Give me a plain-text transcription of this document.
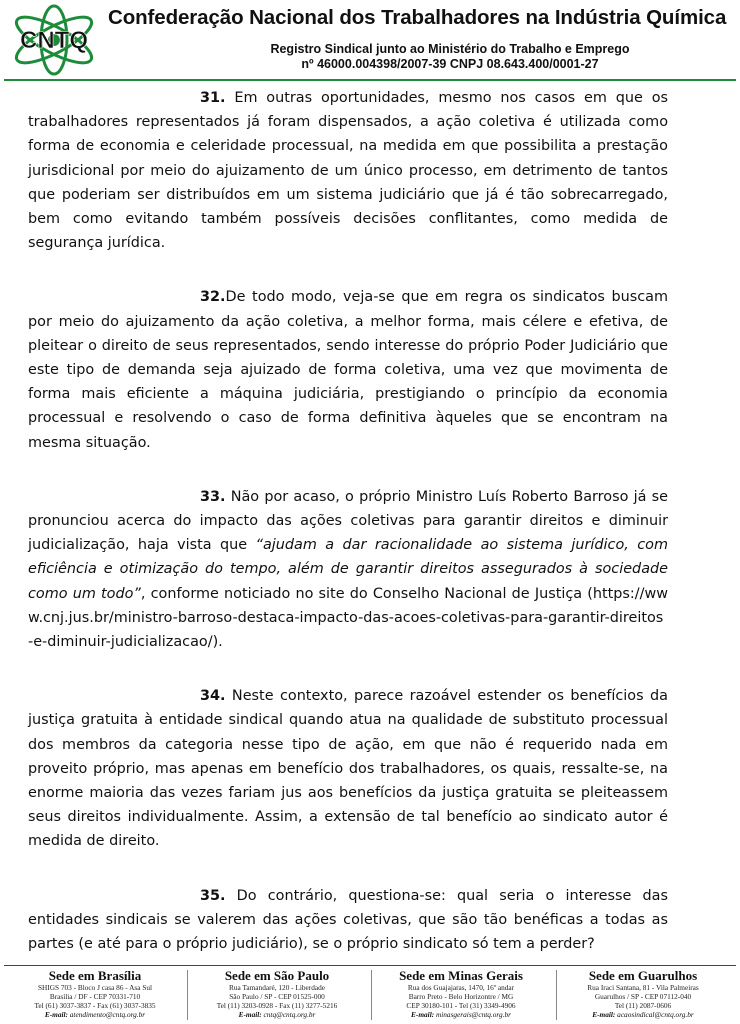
CNTQ
Confederação Nacional dos Trabalhadores na Indústria Química
Registro Sindical junto ao Ministério do Trabalho e Emprego
nº 46000.004398/2007-39 CNPJ 08.643.400/0001-27

31. Em outras oportunidades, mesmo nos casos em que os trabalhadores representados já foram dispensados, a ação coletiva é utilizada como forma de economia e celeridade processual, na medida em que possibilita a prestação jurisdicional por meio do ajuizamento de um único processo, em detrimento de tantos que poderiam ser distribuídos em um sistema judiciário que já é tão sobrecarregado, bem como evitando também possíveis decisões conflitantes, como medida de segurança jurídica.

32.De todo modo, veja-se que em regra os sindicatos buscam por meio do ajuizamento da ação coletiva, a melhor forma, mais célere e efetiva, de pleitear o direito de seus representados, sendo interesse do próprio Poder Judiciário que este tipo de demanda seja ajuizado de forma coletiva, uma vez que movimenta de forma mais eficiente a máquina judiciária, prestigiando o princípio da economia processual e resolvendo o caso de forma definitiva àqueles que se encontram na mesma situação.

33. Não por acaso, o próprio Ministro Luís Roberto Barroso já se pronunciou acerca do impacto das ações coletivas para garantir direitos e diminuir judicialização, haja vista que “ajudam a dar racionalidade ao sistema jurídico, com eficiência e otimização do tempo, além de garantir direitos assegurados à sociedade como um todo”, conforme noticiado no site do Conselho Nacional de Justiça (https://www.cnj.jus.br/ministro-barroso-destaca-impacto-das-acoes-coletivas-para-garantir-direitos-e-diminuir-judicializacao/).

34. Neste contexto, parece razoável estender os benefícios da justiça gratuita à entidade sindical quando atua na qualidade de substituto processual dos membros da categoria nesse tipo de ação, em que não é requerido nada em proveito próprio, mas apenas em benefício dos trabalhadores, os quais, ressalte-se, na enorme maioria das vezes fariam jus aos benefícios da justiça gratuita se pleiteassem seus direitos individualmente. Assim, a extensão de tal benefício ao sindicato autor é medida de direito.

35. Do contrário, questiona-se: qual seria o interesse das entidades sindicais se valerem das ações coletivas, que são tão benéficas a todas as partes (e até para o próprio judiciário), se o próprio sindicato só tem a perder?

Sede em Brasília
SHIGS 703 - Bloco J casa 86 - Asa Sul
Brasília / DF - CEP 70331-710
Tel (61) 3037-3837 - Fax (61) 3037-3835
E-mail: atendimento@cntq.org.br
Sede em São Paulo
Rua Tamandaré, 120 - Liberdade
São Paulo / SP - CEP 01525-000
Tel (11) 3203-0928 - Fax (11) 3277-5216
E-mail: cntq@cntq.org.br
Sede em Minas Gerais
Rua dos Guajajaras, 1470, 16º andar
Barro Preto - Belo Horizontre / MG
CEP 30180-101 - Tel (31) 3349-4906
E-mail: minasgerais@cntq.org.br
Sede em Guarulhos
Rua Iraci Santana, 81 - Vila Palmeiras
Guarulhos / SP - CEP 07112-040
Tel (11) 2087-0606
E-mail: acaosindical@cntq.org.br
